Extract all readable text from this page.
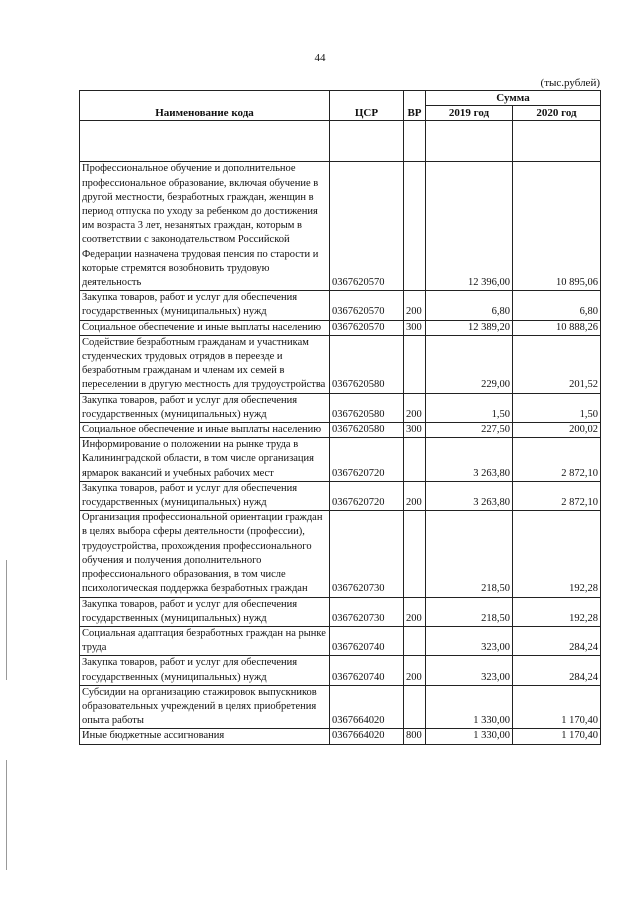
44
(тыс.рублей)
Наименование кода	ЦСР	ВР	Сумма	
			2019 год	2020 год

Профессиональное обучение и дополнительное профессиональное образование, включая обучение в другой местности, безработных граждан, женщин в период отпуска по уходу за ребенком до достижения им возраста 3 лет, незанятых граждан, которым в соответствии с законодательством Российской Федерации назначена трудовая пенсия по старости и которые стремятся возобновить трудовую деятельность	0367620570		12 396,00	10 895,06
Закупка товаров, работ и услуг для обеспечения государственных (муниципальных) нужд	0367620570	200	6,80	6,80
Социальное обеспечение и иные выплаты населению	0367620570	300	12 389,20	10 888,26
Содействие безработным гражданам и участникам студенческих трудовых отрядов в переезде и безработным гражданам и членам их семей в переселении в другую местность для трудоустройства	0367620580		229,00	201,52
Закупка товаров, работ и услуг для обеспечения государственных (муниципальных) нужд	0367620580	200	1,50	1,50
Социальное обеспечение и иные выплаты населению	0367620580	300	227,50	200,02
Информирование о положении на рынке труда в Калининградской области, в том числе организация ярмарок вакансий и учебных рабочих мест	0367620720		3 263,80	2 872,10
Закупка товаров, работ и услуг для обеспечения государственных (муниципальных) нужд	0367620720	200	3 263,80	2 872,10
Организация профессиональной ориентации граждан в целях выбора сферы деятельности (профессии), трудоустройства, прохождения профессионального обучения и получения дополнительного профессионального образования, в том числе психологическая поддержка безработных граждан	0367620730		218,50	192,28
Закупка товаров, работ и услуг для обеспечения государственных (муниципальных) нужд	0367620730	200	218,50	192,28
Социальная адаптация безработных граждан на рынке труда	0367620740		323,00	284,24
Закупка товаров, работ и услуг для обеспечения государственных (муниципальных) нужд	0367620740	200	323,00	284,24
Субсидии на организацию стажировок выпускников образовательных учреждений в целях приобретения опыта работы	0367664020		1 330,00	1 170,40
Иные бюджетные ассигнования	0367664020	800	1 330,00	1 170,40
